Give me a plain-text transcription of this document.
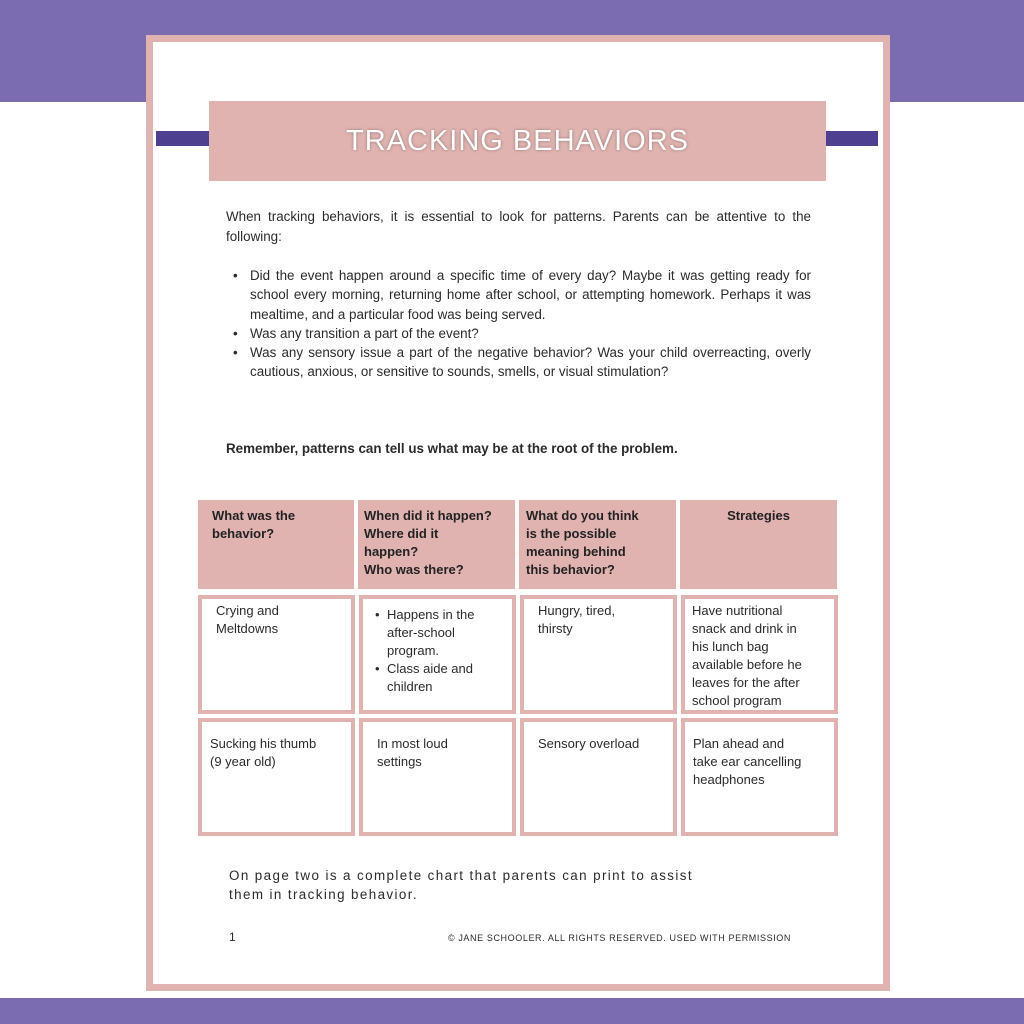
TRACKING BEHAVIORS

When tracking behaviors, it is essential to look for patterns. Parents can be attentive to the following:

• Did the event happen around a specific time of every day? Maybe it was getting ready for school every morning, returning home after school, or attempting homework. Perhaps it was mealtime, and a particular food was being served.
• Was any transition a part of the event?
• Was any sensory issue a part of the negative behavior? Was your child overreacting, overly cautious, anxious, or sensitive to sounds, smells, or visual stimulation?

Remember, patterns can tell us what may be at the root of the problem.

What was the
behavior?
When did it happen?
Where did it
happen?
Who was there?
What do you think
is the possible
meaning behind
this behavior?
Strategies
Crying and
Meltdowns
• Happens in the
after-school
program.
• Class aide and
children
Hungry, tired,
thirsty
Have nutritional
snack and drink in
his lunch bag
available before he
leaves for the after
school program
Sucking his thumb
(9 year old)
In most loud
settings
Sensory overload	Plan ahead and
take ear cancelling
headphones
On page two is a complete chart that parents can print to assist
them in tracking behavior.
1	© JANE SCHOOLER. ALL RIGHTS RESERVED. USED WITH PERMISSION
